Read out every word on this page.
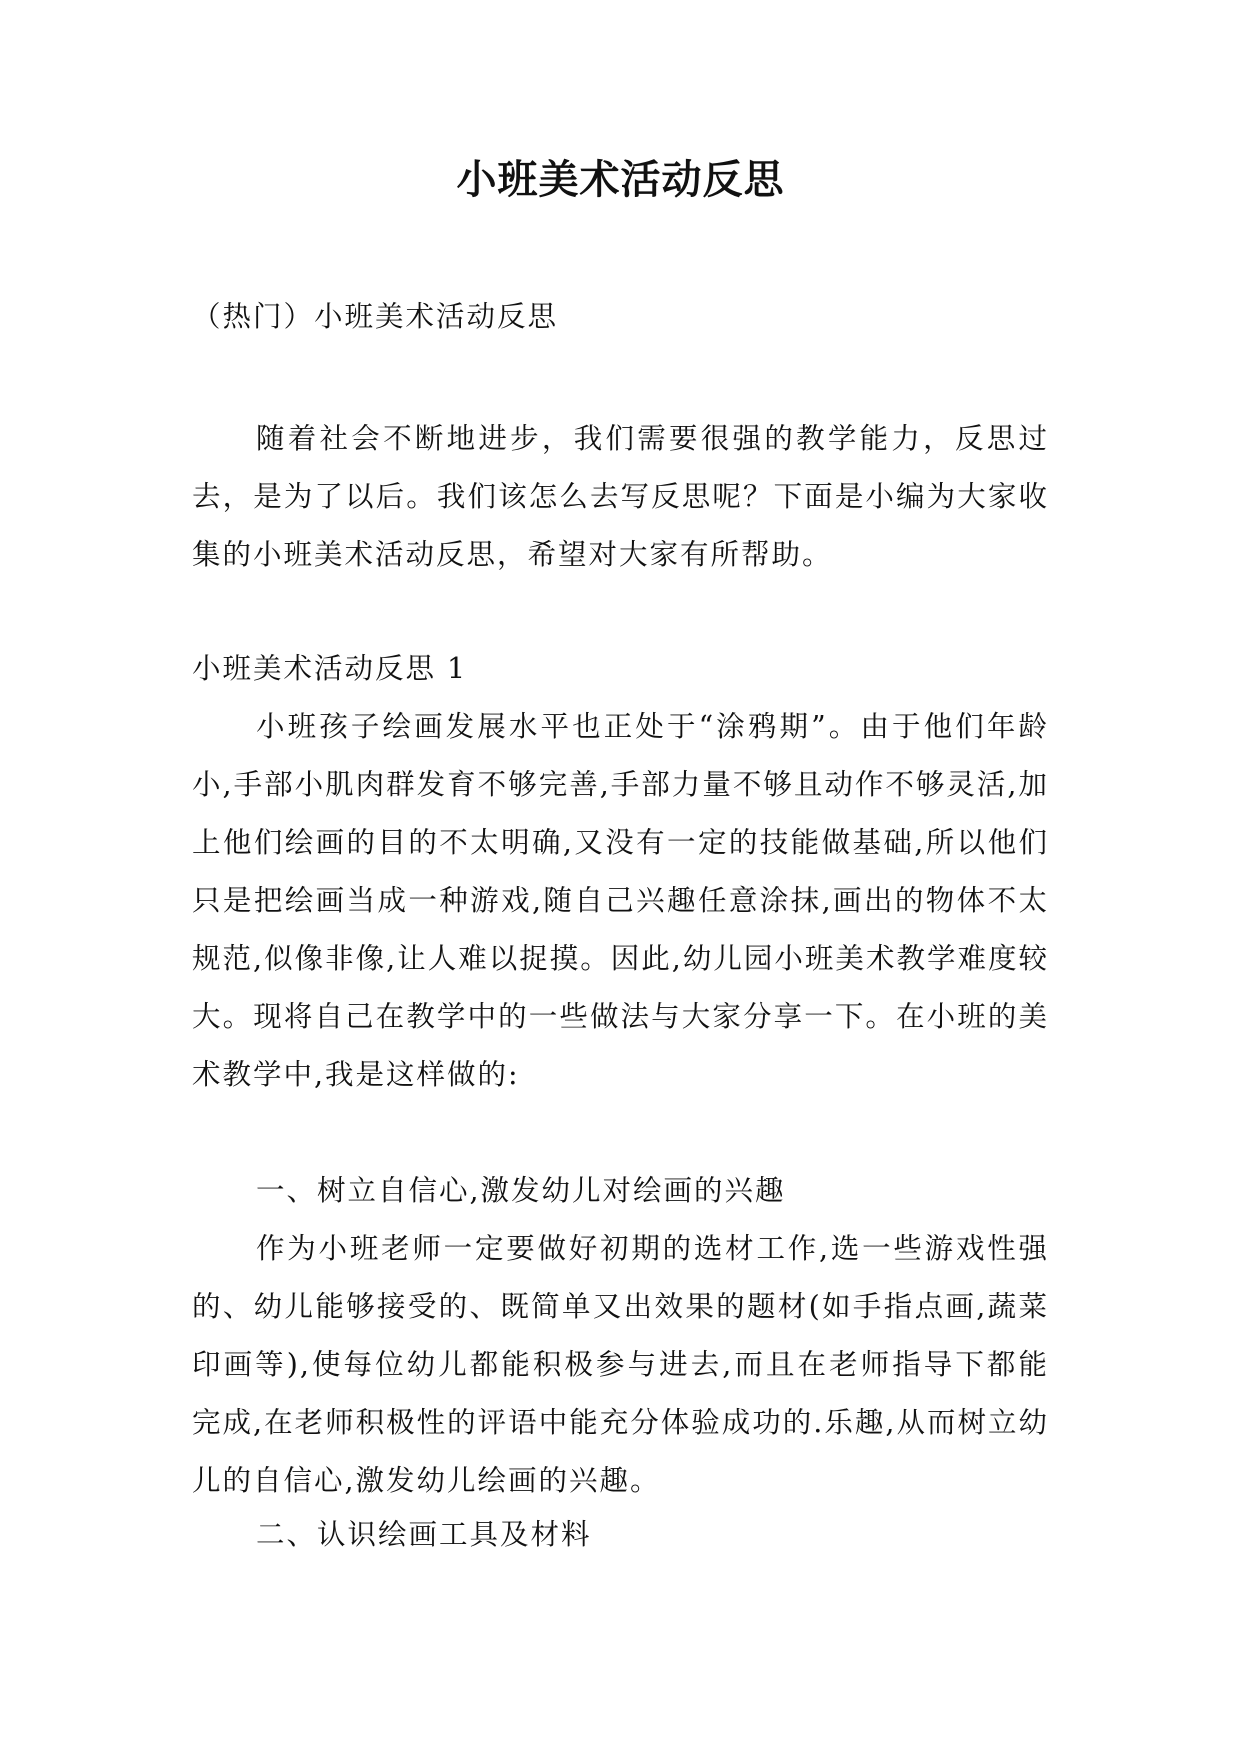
小班美术活动反思

（热门）小班美术活动反思

随着社会不断地进步，我们需要很强的教学能力，反思过去，是为了以后。我们该怎么去写反思呢？下面是小编为大家收集的小班美术活动反思，希望对大家有所帮助。

小班美术活动反思 1

小班孩子绘画发展水平也正处于“涂鸦期”。由于他们年龄小,手部小肌肉群发育不够完善,手部力量不够且动作不够灵活,加上他们绘画的目的不太明确,又没有一定的技能做基础,所以他们只是把绘画当成一种游戏,随自己兴趣任意涂抹,画出的物体不太规范,似像非像,让人难以捉摸。因此,幼儿园小班美术教学难度较大。现将自己在教学中的一些做法与大家分享一下。在小班的美术教学中,我是这样做的:

一、树立自信心,激发幼儿对绘画的兴趣

作为小班老师一定要做好初期的选材工作,选一些游戏性强的、幼儿能够接受的、既简单又出效果的题材(如手指点画,蔬菜印画等),使每位幼儿都能积极参与进去,而且在老师指导下都能完成,在老师积极性的评语中能充分体验成功的.乐趣,从而树立幼儿的自信心,激发幼儿绘画的兴趣。

二、认识绘画工具及材料
